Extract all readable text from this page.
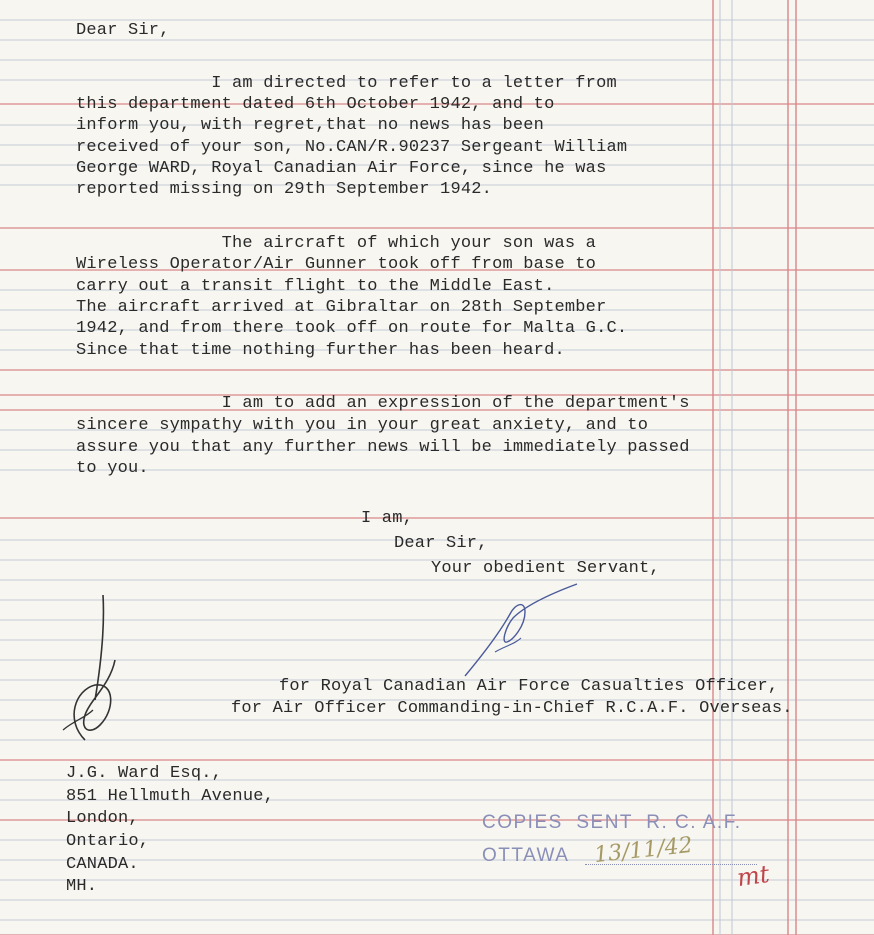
Dear Sir,
I am directed to refer to a letter from
this department dated 6th October 1942, and to
inform you, with regret,that no news has been
received of your son, No.CAN/R.90237 Sergeant William
George WARD, Royal Canadian Air Force, since he was
reported missing on 29th September 1942.
The aircraft of which your son was a
Wireless Operator/Air Gunner took off from base to
carry out a transit flight to the Middle East.
The aircraft arrived at Gibraltar on 28th September
1942, and from there took off on route for Malta G.C.
Since that time nothing further has been heard.
I am to add an expression of the department's
sincere sympathy with you in your great anxiety, and to
assure you that any further news will be immediately passed
to you.
I am,
Dear Sir,
Your obedient Servant,
for Royal Canadian Air Force Casualties Officer,
for Air Officer Commanding-in-Chief R.C.A.F. Overseas.
J.G. Ward Esq.,
851 Hellmuth Avenue,
London,
Ontario,
CANADA.
MH.
COPIES  SENT  R. C. A.F.
OTTAWA 13/11/42
mt
